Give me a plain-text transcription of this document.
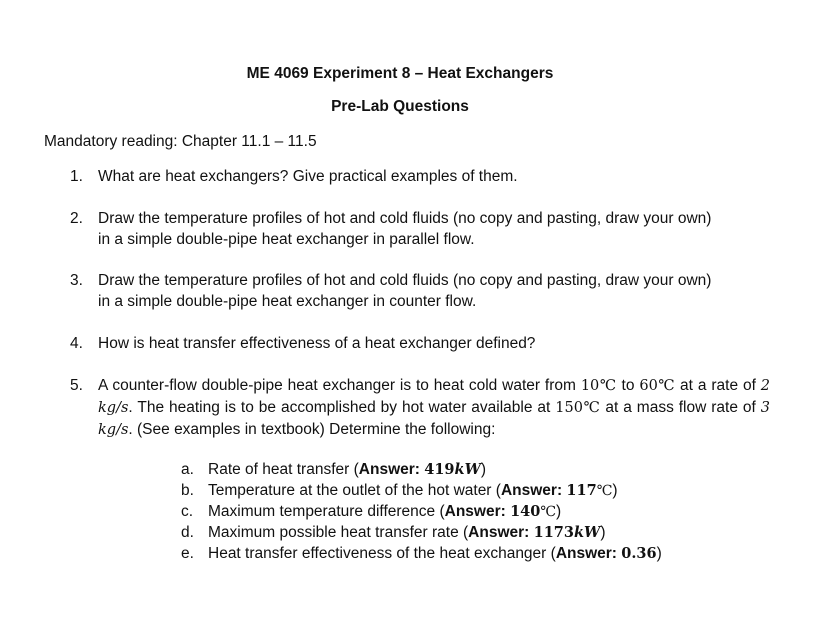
ME 4069 Experiment 8 – Heat Exchangers
Pre-Lab Questions
Mandatory reading: Chapter 11.1 – 11.5
1. What are heat exchangers? Give practical examples of them.
2. Draw the temperature profiles of hot and cold fluids (no copy and pasting, draw your own)
in a simple double-pipe heat exchanger in parallel flow.
3. Draw the temperature profiles of hot and cold fluids (no copy and pasting, draw your own)
in a simple double-pipe heat exchanger in counter flow.
4. How is heat transfer effectiveness of a heat exchanger defined?
5. A counter-flow double-pipe heat exchanger is to heat cold water from 10℃ to 60℃ at a rate of 2 kg/s. The heating is to be accomplished by hot water available at 150℃ at a mass flow rate of 3 kg/s. (See examples in textbook) Determine the following:
a. Rate of heat transfer (Answer: 419kW)
b. Temperature at the outlet of the hot water (Answer: 117℃)
c. Maximum temperature difference (Answer: 140℃)
d. Maximum possible heat transfer rate (Answer: 1173kW)
e. Heat transfer effectiveness of the heat exchanger (Answer: 0.36)
